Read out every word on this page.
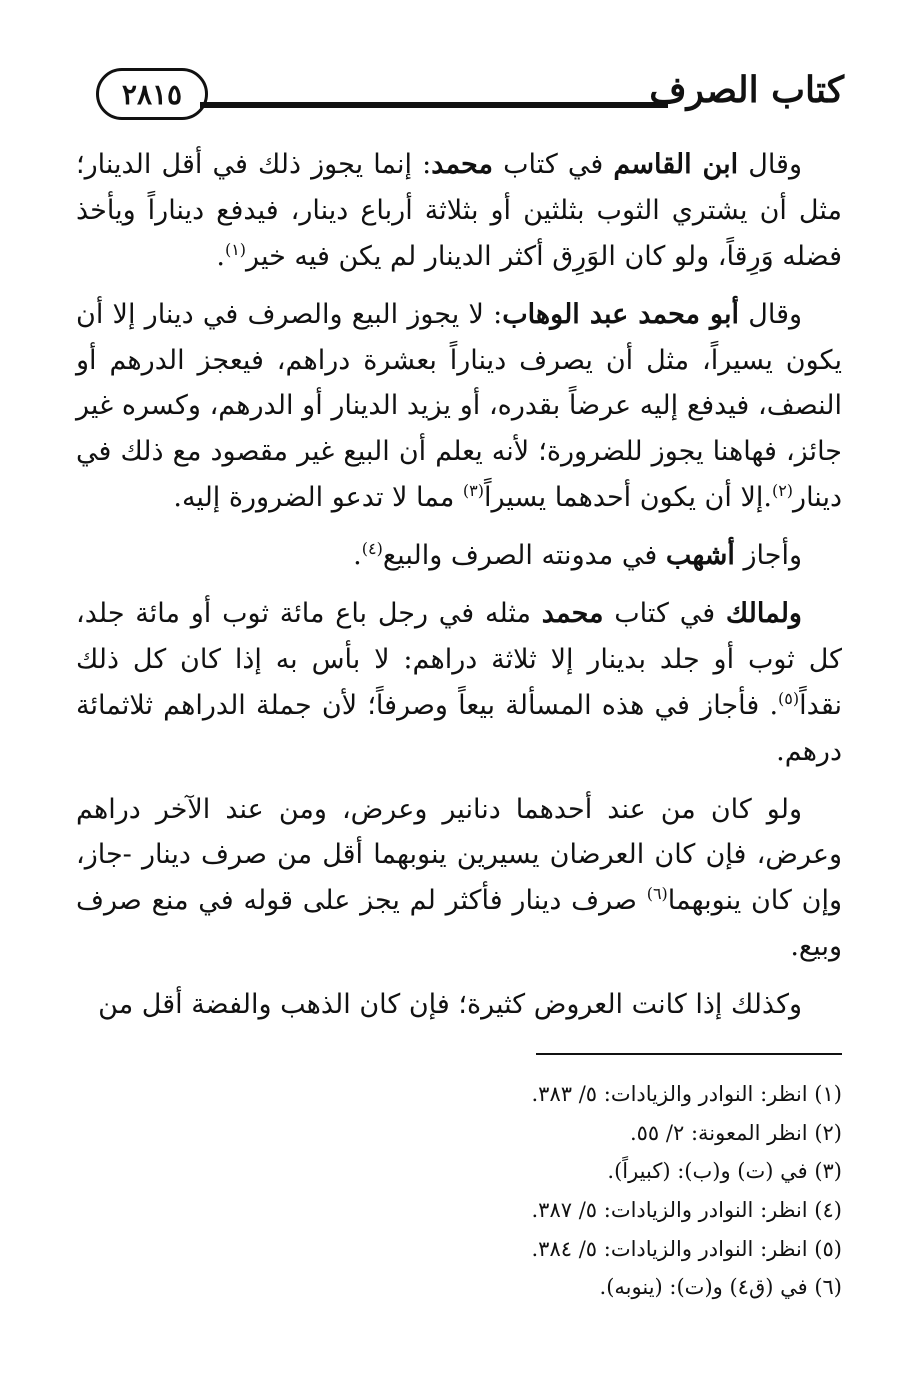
٢٨١٥	كتاب الصرف

وقال ابن القاسم في كتاب محمد: إنما يجوز ذلك في أقل الدينار؛ مثل أن يشتري الثوب بثلثين أو بثلاثة أرباع دينار، فيدفع ديناراً ويأخذ فضله وَرِقاً، ولو كان الوَرِق أكثر الدينار لم يكن فيه خير$^{(١)}$.

وقال أبو محمد عبد الوهاب: لا يجوز البيع والصرف في دينار إلا أن يكون يسيراً، مثل أن يصرف ديناراً بعشرة دراهم، فيعجز الدرهم أو النصف، فيدفع إليه عرضاً بقدره، أو يزيد الدينار أو الدرهم، وكسره غير جائز، فهاهنا يجوز للضرورة؛ لأنه يعلم أن البيع غير مقصود مع ذلك في دينار$^{(٢)}$.إلا أن يكون أحدهما يسيراً$^{(٣)}$ مما لا تدعو الضرورة إليه.

وأجاز أشهب في مدونته الصرف والبيع$^{(٤)}$.

ولمالك في كتاب محمد مثله في رجل باع مائة ثوب أو مائة جلد، كل ثوب أو جلد بدينار إلا ثلاثة دراهم: لا بأس به إذا كان كل ذلك نقداً$^{(٥)}$. فأجاز في هذه المسألة بيعاً وصرفاً؛ لأن جملة الدراهم ثلاثمائة درهم.

ولو كان من عند أحدهما دنانير وعرض، ومن عند الآخر دراهم وعرض، فإن كان العرضان يسيرين ينوبهما أقل من صرف دينار -جاز، وإن كان ينوبهما$^{(٦)}$ صرف دينار فأكثر لم يجز على قوله في منع صرف وبيع.

وكذلك إذا كانت العروض كثيرة؛ فإن كان الذهب والفضة أقل من

(١) انظر: النوادر والزيادات: ٥/ ٣٨٣.

(٢) انظر المعونة: ٢/ ٥٥.

(٣) في (ت) و(ب): (كبيراً).

(٤) انظر: النوادر والزيادات: ٥/ ٣٨٧.

(٥) انظر: النوادر والزيادات: ٥/ ٣٨٤.

(٦) في (ق٤) و(ت): (ينوبه).
